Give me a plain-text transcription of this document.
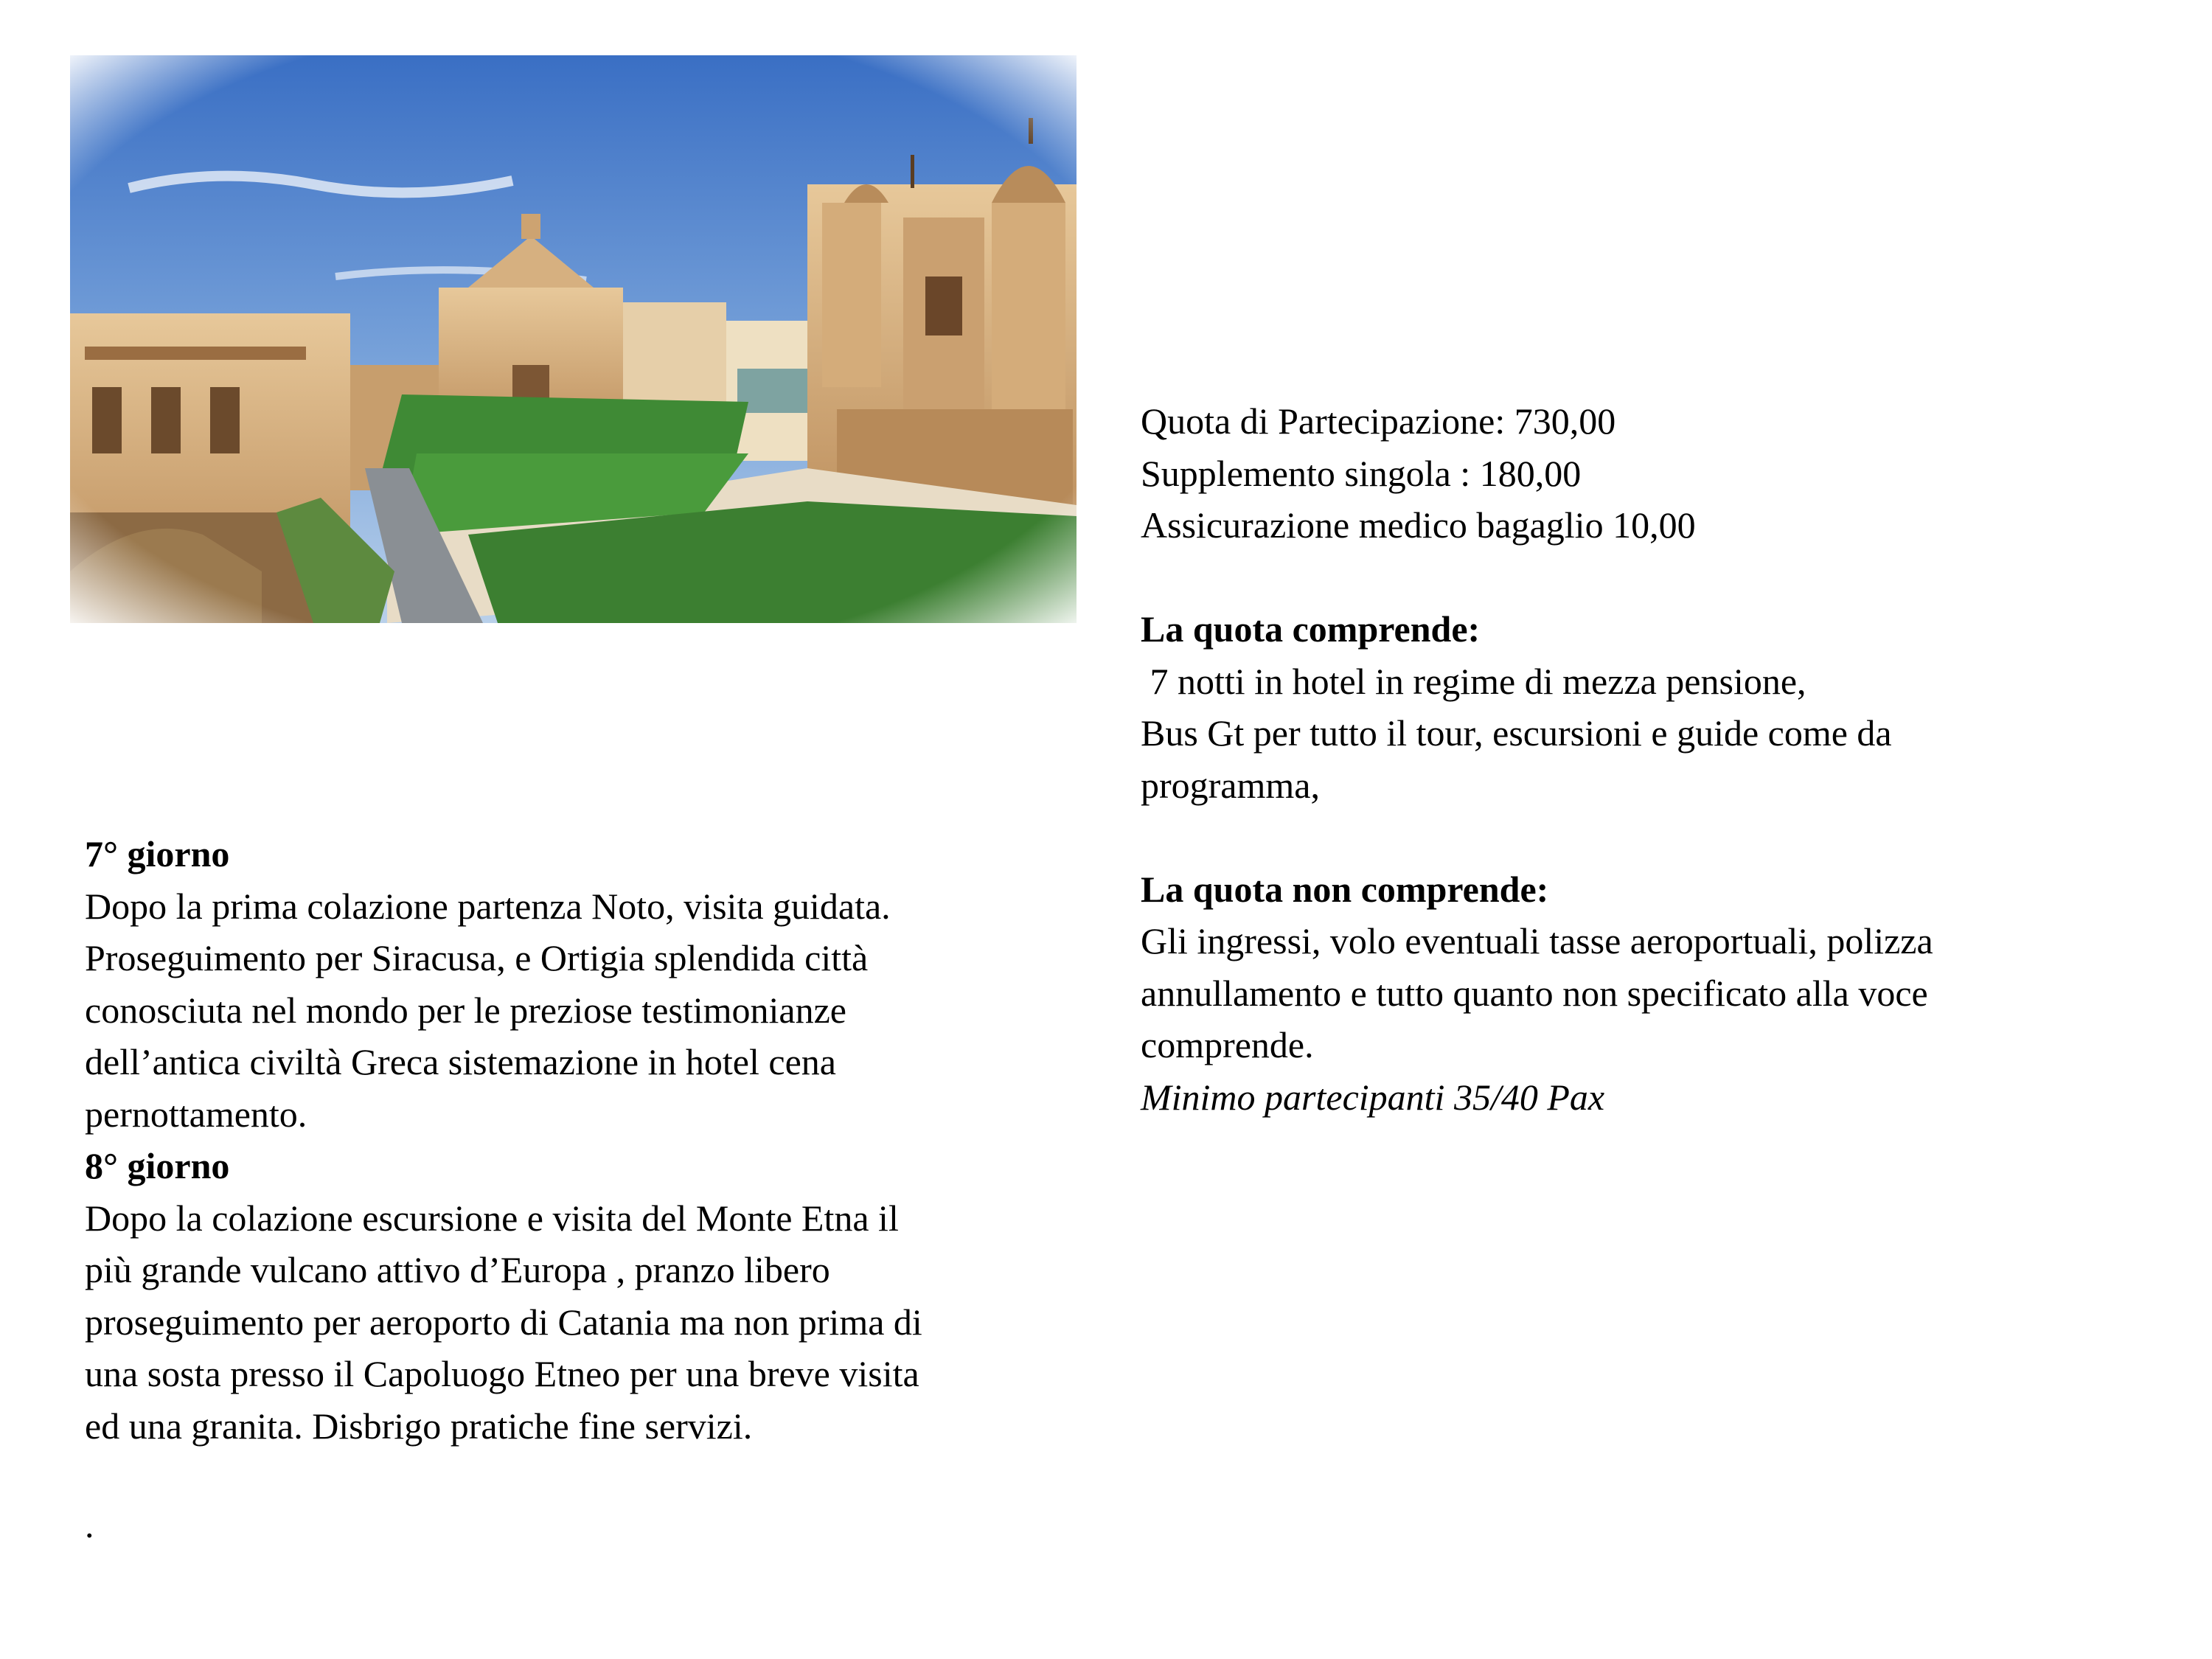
7° giorno

Dopo la prima colazione partenza Noto, visita guidata.

Proseguimento per Siracusa, e Ortigia splendida città

conosciuta nel mondo per le preziose testimonianze

dell’antica civiltà Greca sistemazione in hotel cena

pernottamento.

8° giorno

Dopo la colazione escursione e visita del Monte Etna il

più grande vulcano attivo d’Europa , pranzo libero

proseguimento per aeroporto di Catania ma non prima di

una sosta presso il Capoluogo Etneo per una breve visita

ed una granita. Disbrigo pratiche fine servizi.

.

Quota di Partecipazione: 730,00

Supplemento singola : 180,00

Assicurazione medico bagaglio 10,00

La quota comprende:

7 notti in hotel in regime di mezza pensione,

Bus Gt per tutto il tour, escursioni e guide come da

programma,

La quota non comprende:

Gli ingressi, volo eventuali tasse aeroportuali, polizza

annullamento e tutto quanto non specificato alla voce

comprende.

Minimo partecipanti 35/40 Pax
